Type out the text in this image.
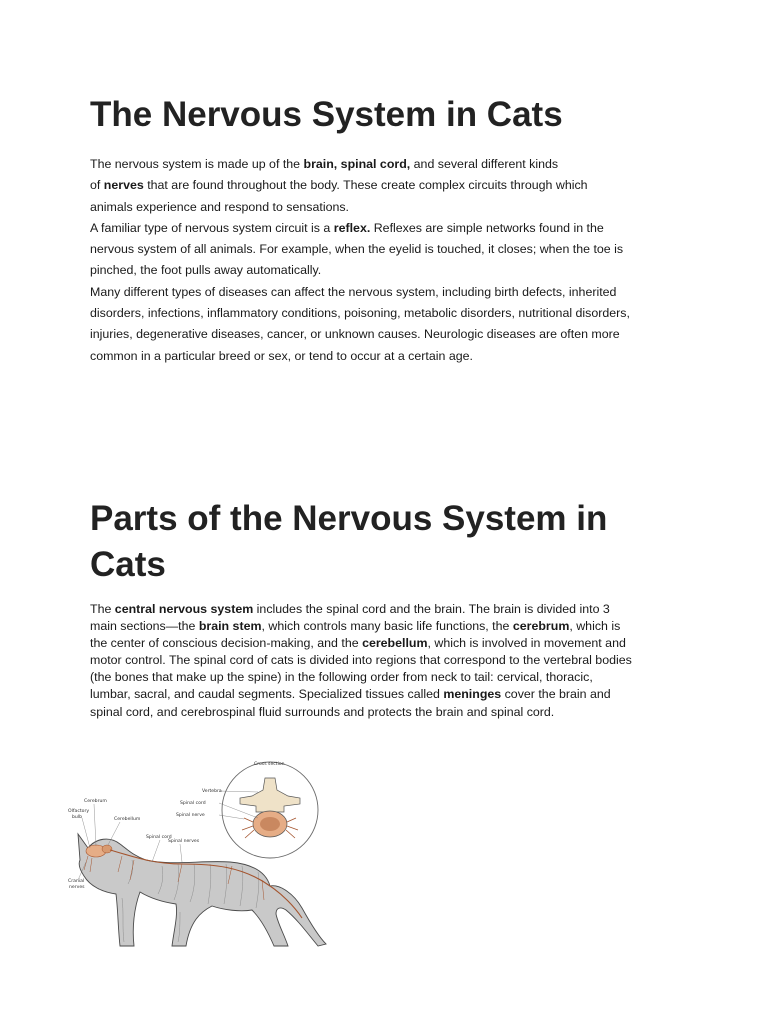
The Nervous System in Cats
The nervous system is made up of the brain, spinal cord, and several different kinds
of nerves that are found throughout the body. These create complex circuits through which
animals experience and respond to sensations.
A familiar type of nervous system circuit is a reflex. Reflexes are simple networks found in the
nervous system of all animals. For example, when the eyelid is touched, it closes; when the toe is
pinched, the foot pulls away automatically.
Many different types of diseases can affect the nervous system, including birth defects, inherited
disorders, infections, inflammatory conditions, poisoning, metabolic disorders, nutritional disorders,
injuries, degenerative diseases, cancer, or unknown causes. Neurologic diseases are often more
common in a particular breed or sex, or tend to occur at a certain age.
Parts of the Nervous System in
Cats
The central nervous system includes the spinal cord and the brain. The brain is divided into 3
main sections—the brain stem, which controls many basic life functions, the cerebrum, which is
the center of conscious decision-making, and the cerebellum, which is involved in movement and
motor control. The spinal cord of cats is divided into regions that correspond to the vertebral bodies
(the bones that make up the spine) in the following order from neck to tail: cervical, thoracic,
lumbar, sacral, and caudal segments. Specialized tissues called meninges cover the brain and
spinal cord, and cerebrospinal fluid surrounds and protects the brain and spinal cord.
Cross section
Vertebra
Spinal cord
Spinal nerve
Cerebrum
Olfactory
bulb	Cerebellum
Spinal cord
Spinal nerves
Cranial
nerves
